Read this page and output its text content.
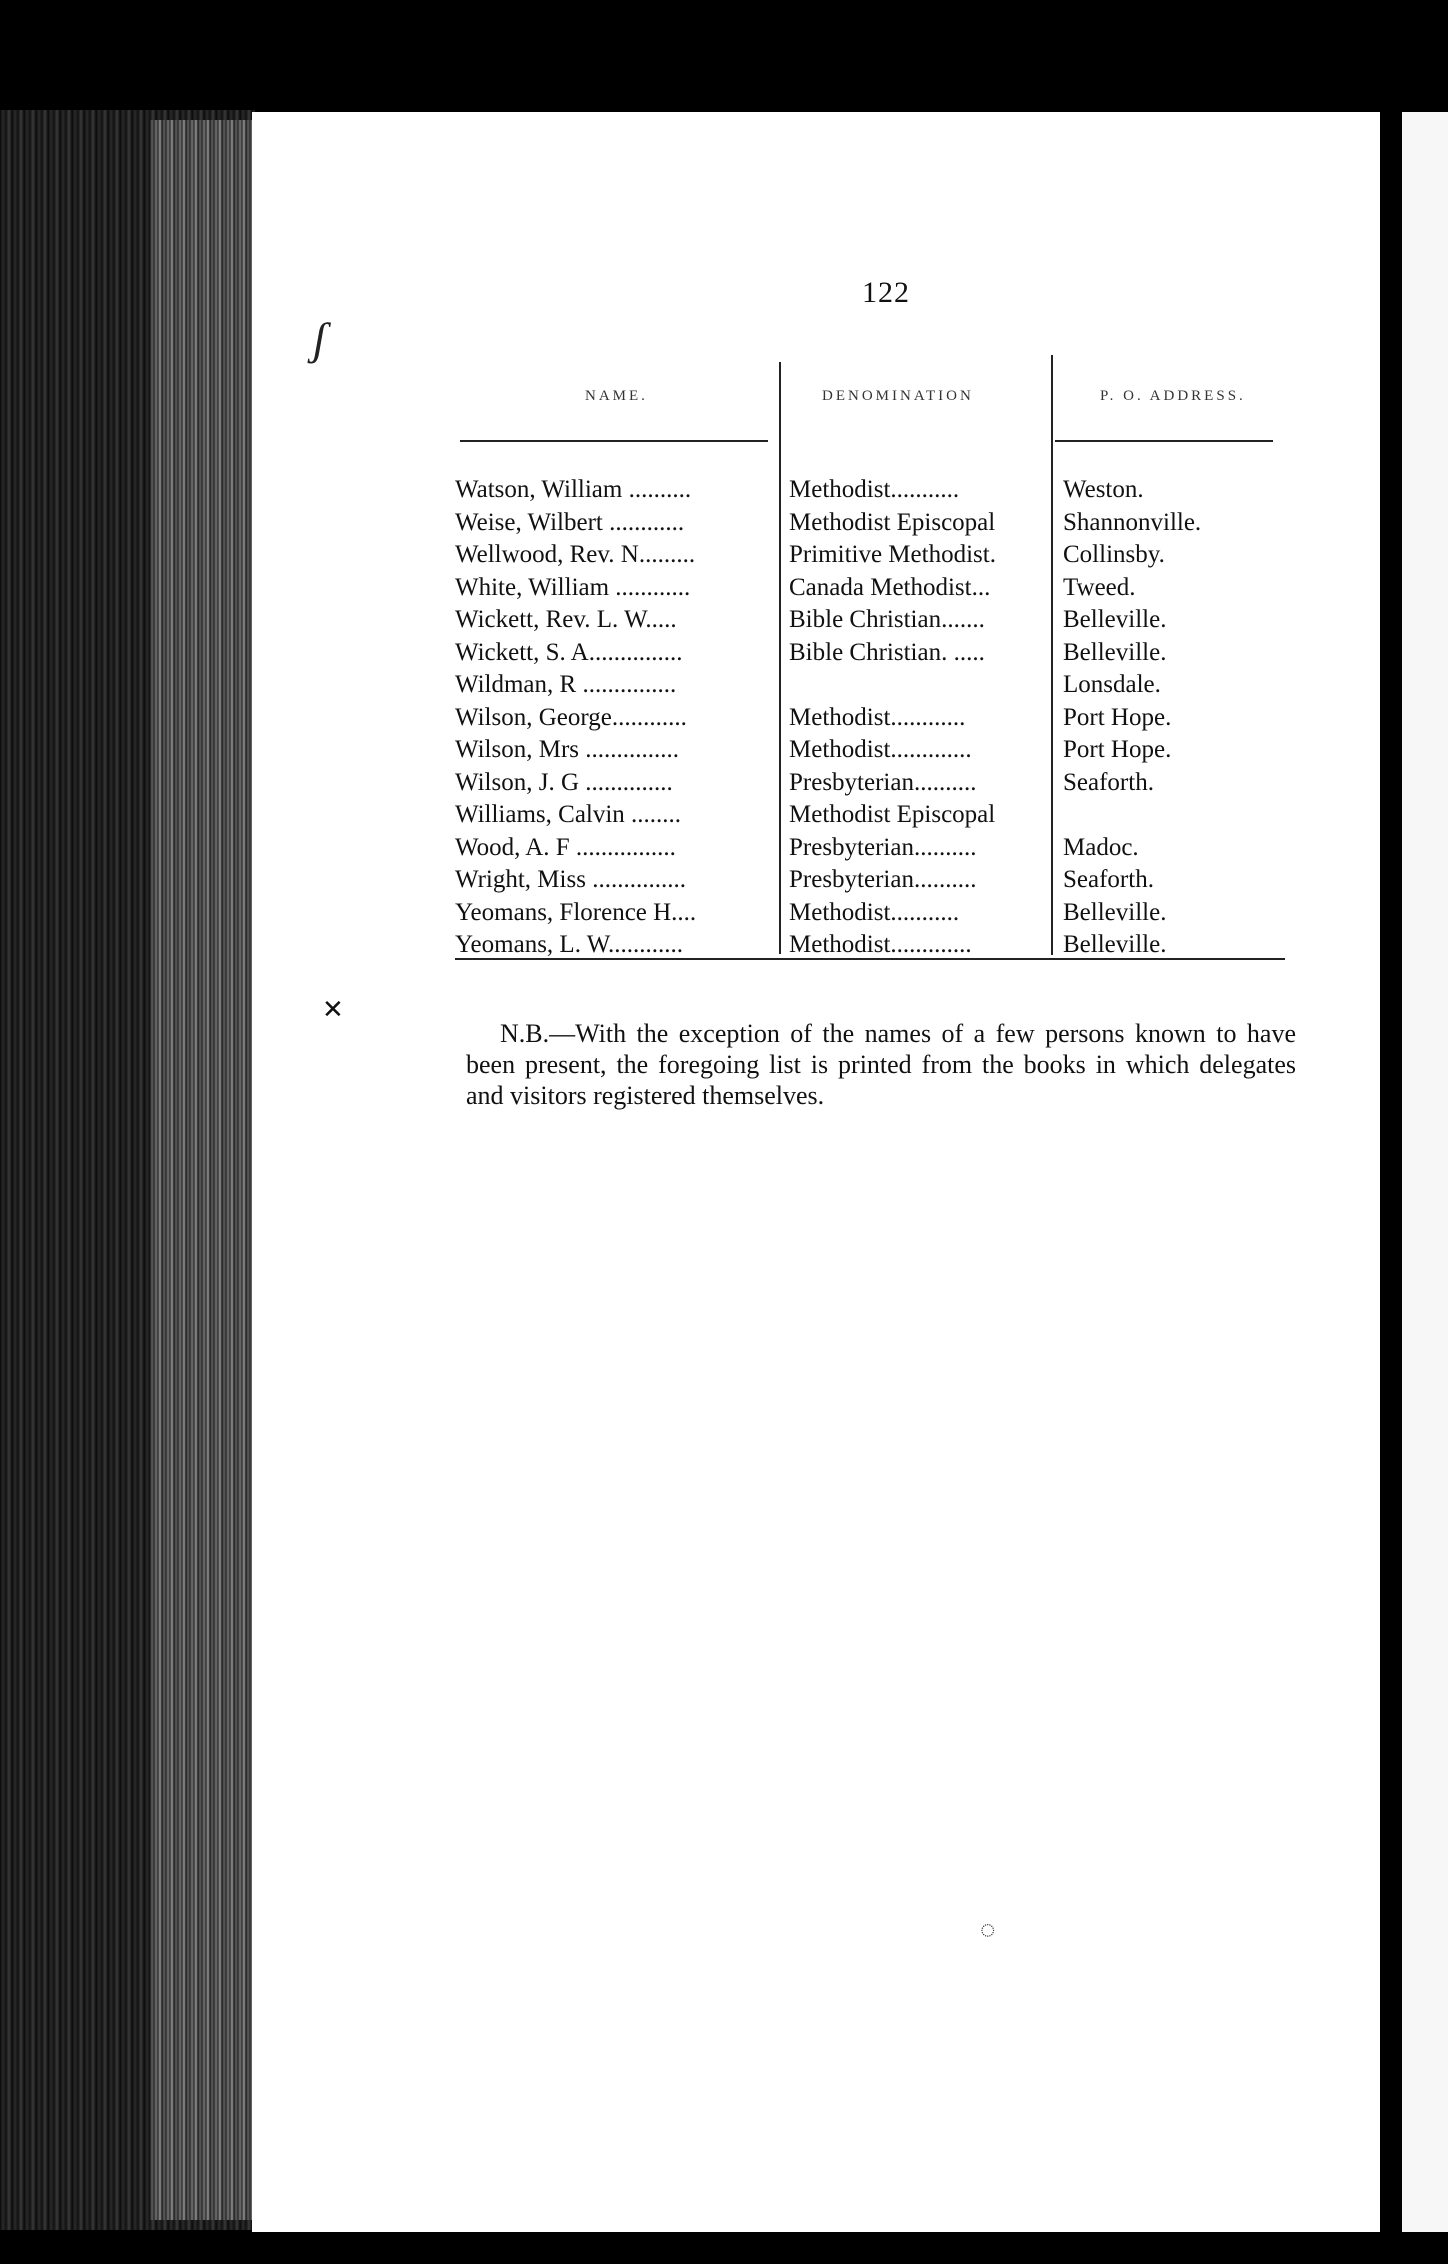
ʃ
✕
◌
122
NAME.	DENOMINATION	P. O. ADDRESS.
Watson, William ..........	Methodist...........	Weston.
Weise, Wilbert ............	Methodist Episcopal	Shannonville.
Wellwood, Rev. N.........	Primitive Methodist.	Collinsby.
White, William ............	Canada Methodist...	Tweed.
Wickett, Rev. L. W.....	Bible Christian.......	Belleville.
Wickett, S. A...............	Bible Christian. .....	Belleville.
Wildman, R ...............		Lonsdale.
Wilson, George............	Methodist............	Port Hope.
Wilson, Mrs ...............	Methodist.............	Port Hope.
Wilson, J. G ..............	Presbyterian..........	Seaforth.
Williams, Calvin ........	Methodist Episcopal	
Wood, A. F ................	Presbyterian..........	Madoc.
Wright, Miss ...............	Presbyterian..........	Seaforth.
Yeomans, Florence H....	Methodist...........	Belleville.
Yeomans, L. W............	Methodist.............	Belleville.

N.B.—With the exception of the names of a few persons known to have been present, the foregoing list is printed from the books in which delegates and visitors registered themselves.
